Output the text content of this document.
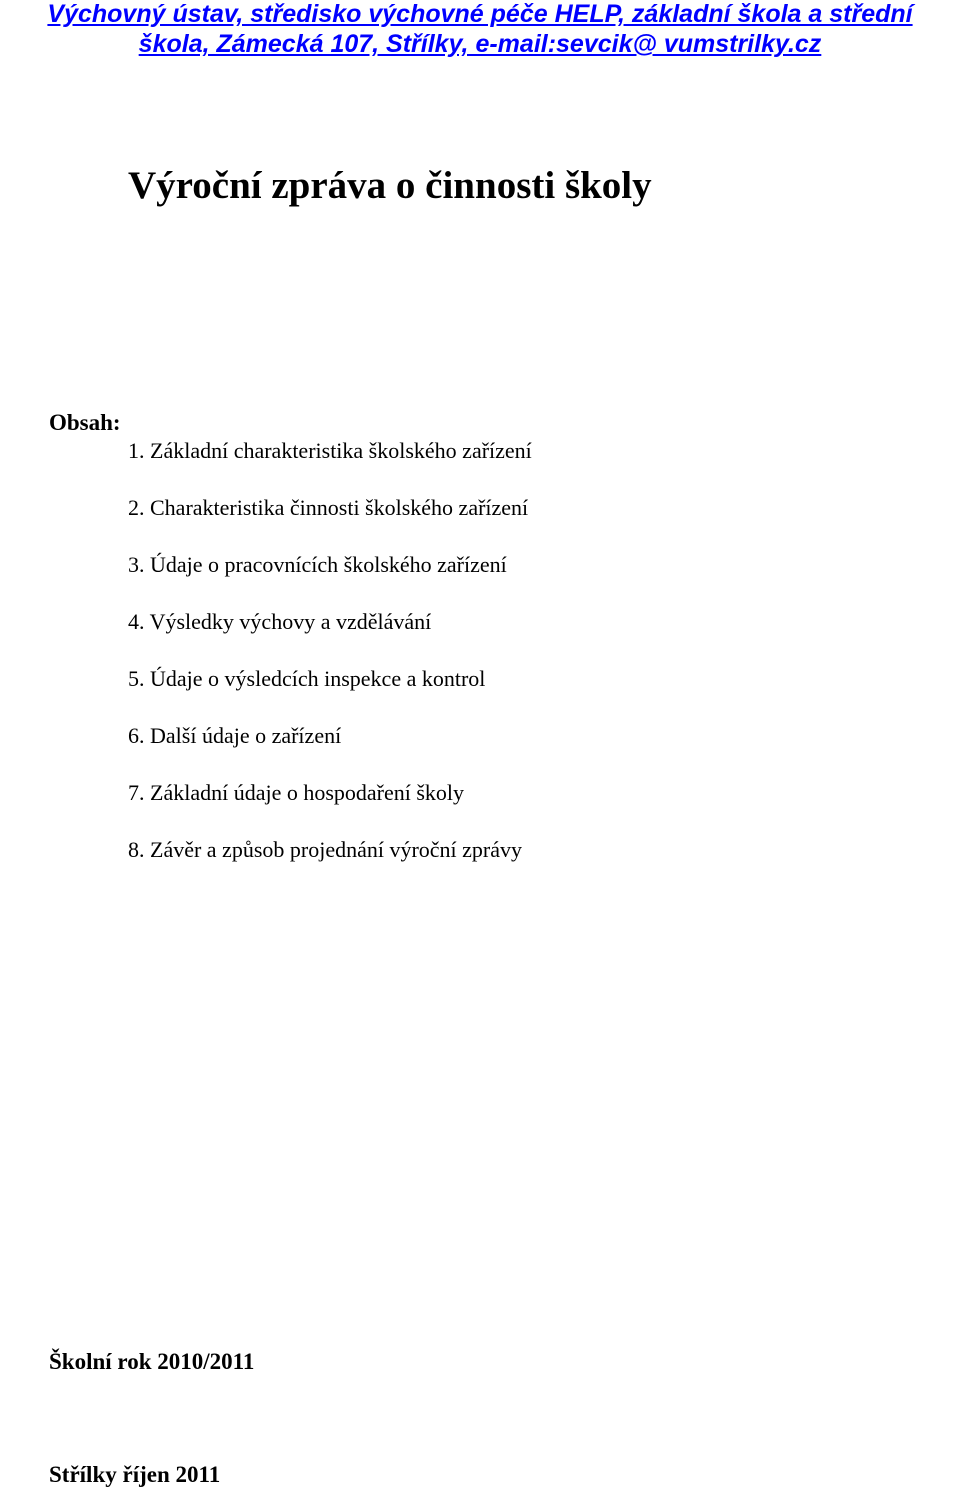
Výchovný ústav, středisko výchovné péče HELP, základní škola a střední
škola, Zámecká 107, Střílky, e-mail:sevcik@ vumstrilky.cz
Výroční zpráva o činnosti školy

Obsah:

1. Základní charakteristika školského zařízení
2. Charakteristika činnosti školského zařízení
3. Údaje o pracovnících školského zařízení
4. Výsledky výchovy a vzdělávání
5. Údaje o výsledcích inspekce a kontrol
6. Další údaje o zařízení
7. Základní údaje o hospodaření školy
8. Závěr a způsob projednání výroční zprávy

Školní rok 2010/2011

Střílky říjen 2011
